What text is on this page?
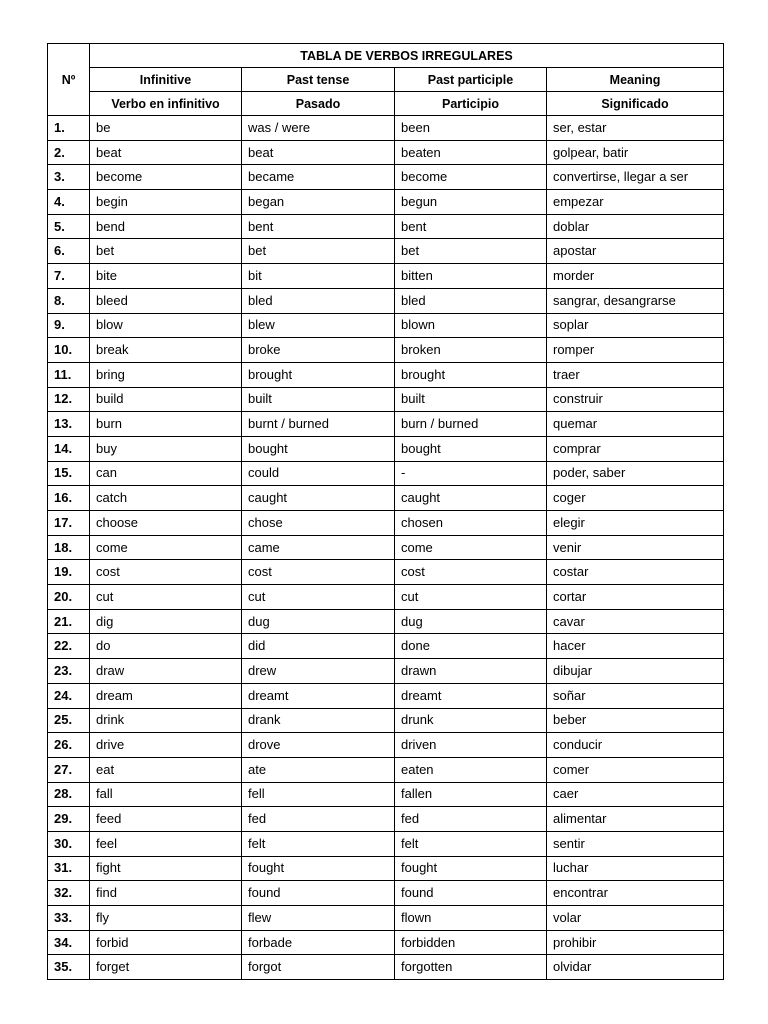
Nº	TABLA DE VERBOS IRREGULARES			
	Infinitive	Past tense	Past participle	Meaning
	Verbo en infinitivo	Pasado	Participio	Significado
1.	be	was / were	been	ser, estar
2.	beat	beat	beaten	golpear, batir
3.	become	became	become	convertirse, llegar a ser
4.	begin	began	begun	empezar
5.	bend	bent	bent	doblar
6.	bet	bet	bet	apostar
7.	bite	bit	bitten	morder
8.	bleed	bled	bled	sangrar, desangrarse
9.	blow	blew	blown	soplar
10.	break	broke	broken	romper
11.	bring	brought	brought	traer
12.	build	built	built	construir
13.	burn	burnt / burned	burn / burned	quemar
14.	buy	bought	bought	comprar
15.	can	could	-	poder, saber
16.	catch	caught	caught	coger
17.	choose	chose	chosen	elegir
18.	come	came	come	venir
19.	cost	cost	cost	costar
20.	cut	cut	cut	cortar
21.	dig	dug	dug	cavar
22.	do	did	done	hacer
23.	draw	drew	drawn	dibujar
24.	dream	dreamt	dreamt	soñar
25.	drink	drank	drunk	beber
26.	drive	drove	driven	conducir
27.	eat	ate	eaten	comer
28.	fall	fell	fallen	caer
29.	feed	fed	fed	alimentar
30.	feel	felt	felt	sentir
31.	fight	fought	fought	luchar
32.	find	found	found	encontrar
33.	fly	flew	flown	volar
34.	forbid	forbade	forbidden	prohibir
35.	forget	forgot	forgotten	olvidar
